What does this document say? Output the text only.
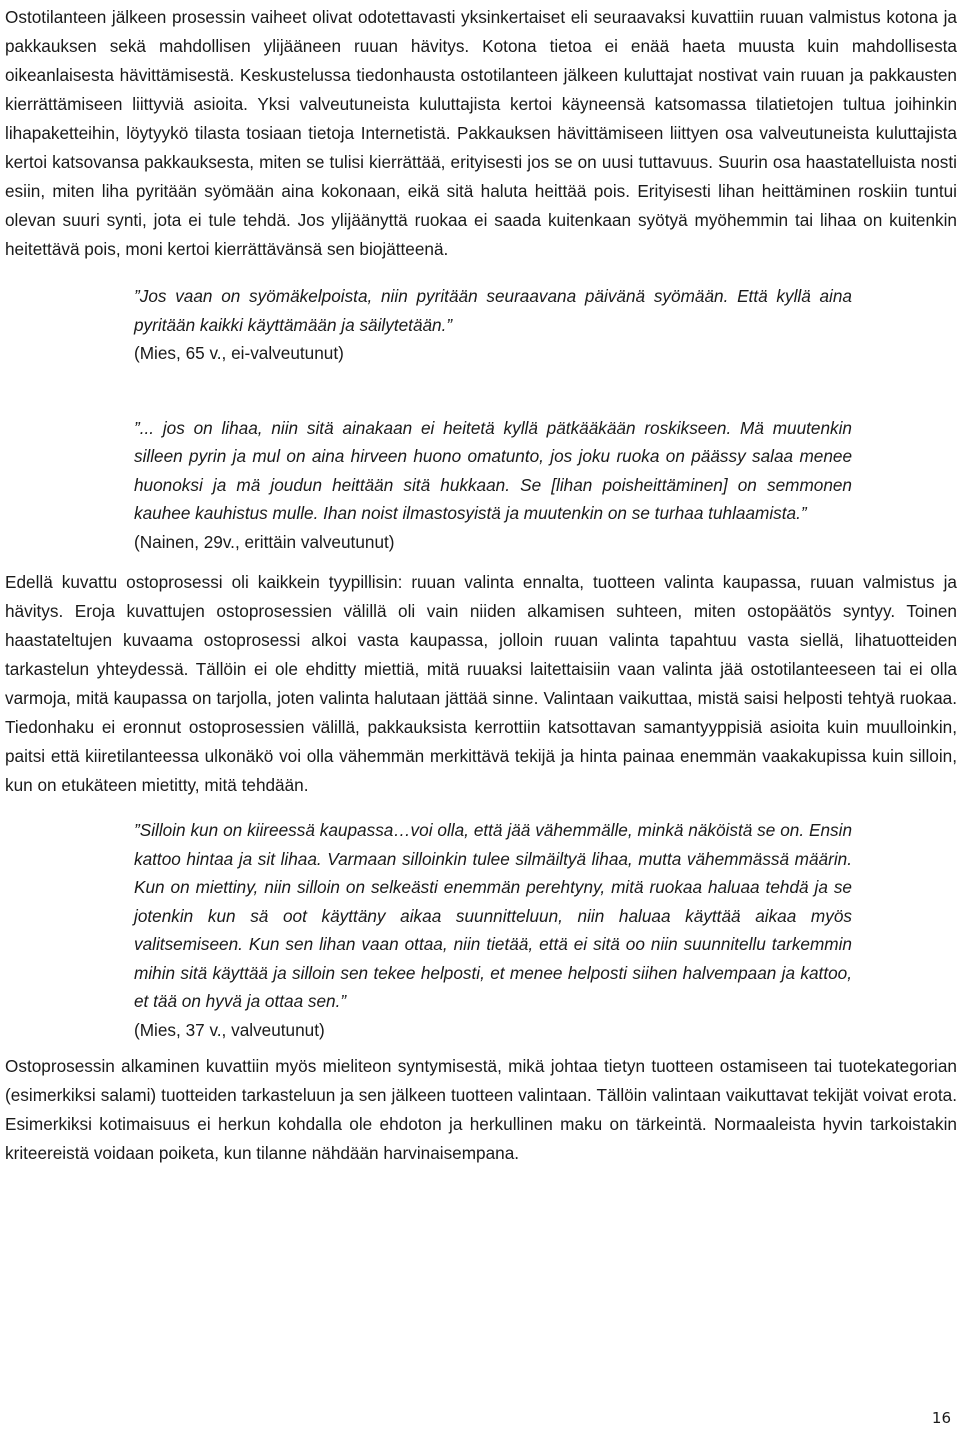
Ostotilanteen jälkeen prosessin vaiheet olivat odotettavasti yksinkertaiset eli seuraavaksi kuvattiin ruuan valmistus kotona ja pakkauksen sekä mahdollisen ylijääneen ruuan hävitys. Kotona tietoa ei enää haeta muusta kuin mahdollisesta oikeanlaisesta hävittämisestä. Keskustelussa tiedonhausta ostotilanteen jälkeen kuluttajat nostivat vain ruuan ja pakkausten kierrättämiseen liittyviä asioita. Yksi valveutuneista kuluttajista kertoi käyneensä katsomassa tilatietojen tultua joihinkin lihapaketteihin, löytyykö tilasta tosiaan tietoja Internetistä. Pakkauksen hävittämiseen liittyen osa valveutuneista kuluttajista kertoi katsovansa pakkauksesta, miten se tulisi kierrättää, erityisesti jos se on uusi tuttavuus. Suurin osa haastatelluista nosti esiin, miten liha pyritään syömään aina kokonaan, eikä sitä haluta heittää pois. Erityisesti lihan heittäminen roskiin tuntui olevan suuri synti, jota ei tule tehdä. Jos ylijäänyttä ruokaa ei saada kuitenkaan syötyä myöhemmin tai lihaa on kuitenkin heitettävä pois, moni kertoi kierrättävänsä sen biojätteenä.

”Jos vaan on syömäkelpoista, niin pyritään seuraavana päivänä syömään. Että kyllä aina pyritään kaikki käyttämään ja säilytetään.”
(Mies, 65 v., ei-valveutunut)
”... jos on lihaa, niin sitä ainakaan ei heitetä kyllä pätkääkään roskikseen. Mä muutenkin silleen pyrin ja mul on aina hirveen huono omatunto, jos joku ruoka on päässy salaa menee huonoksi ja mä joudun heittään sitä hukkaan. Se [lihan poisheittäminen] on semmonen kauhee kauhistus mulle. Ihan noist ilmastosyistä ja muutenkin on se turhaa tuhlaamista.”
(Nainen, 29v., erittäin valveutunut)

Edellä kuvattu ostoprosessi oli kaikkein tyypillisin: ruuan valinta ennalta, tuotteen valinta kaupassa, ruuan valmistus ja hävitys. Eroja kuvattujen ostoprosessien välillä oli vain niiden alkamisen suhteen, miten ostopäätös syntyy. Toinen haastateltujen kuvaama ostoprosessi alkoi vasta kaupassa, jolloin ruuan valinta tapahtuu vasta siellä, lihatuotteiden tarkastelun yhteydessä. Tällöin ei ole ehditty miettiä, mitä ruuaksi laitettaisiin vaan valinta jää ostotilanteeseen tai ei olla varmoja, mitä kaupassa on tarjolla, joten valinta halutaan jättää sinne. Valintaan vaikuttaa, mistä saisi helposti tehtyä ruokaa. Tiedonhaku ei eronnut ostoprosessien välillä, pakkauksista kerrottiin katsottavan samantyyppisiä asioita kuin muulloinkin, paitsi että kiiretilanteessa ulkonäkö voi olla vähemmän merkittävä tekijä ja hinta painaa enemmän vaakakupissa kuin silloin, kun on etukäteen mietitty, mitä tehdään.

”Silloin kun on kiireessä kaupassa…voi olla, että jää vähemmälle, minkä näköistä se on. Ensin kattoo hintaa ja sit lihaa. Varmaan silloinkin tulee silmäiltyä lihaa, mutta vähemmässä määrin. Kun on miettiny, niin silloin on selkeästi enemmän perehtyny, mitä ruokaa haluaa tehdä ja se jotenkin kun sä oot käyttäny aikaa suunnitteluun, niin haluaa käyttää aikaa myös valitsemiseen. Kun sen lihan vaan ottaa, niin tietää, että ei sitä oo niin suunnitellu tarkemmin mihin sitä käyttää ja silloin sen tekee helposti, et menee helposti siihen halvempaan ja kattoo, et tää on hyvä ja ottaa sen.”
(Mies, 37 v., valveutunut)

Ostoprosessin alkaminen kuvattiin myös mieliteon syntymisestä, mikä johtaa tietyn tuotteen ostamiseen tai tuotekategorian (esimerkiksi salami) tuotteiden tarkasteluun ja sen jälkeen tuotteen valintaan. Tällöin valintaan vaikuttavat tekijät voivat erota. Esimerkiksi kotimaisuus ei herkun kohdalla ole ehdoton ja herkullinen maku on tärkeintä. Normaaleista hyvin tarkoistakin kriteereistä voidaan poiketa, kun tilanne nähdään harvinaisempana.

16
